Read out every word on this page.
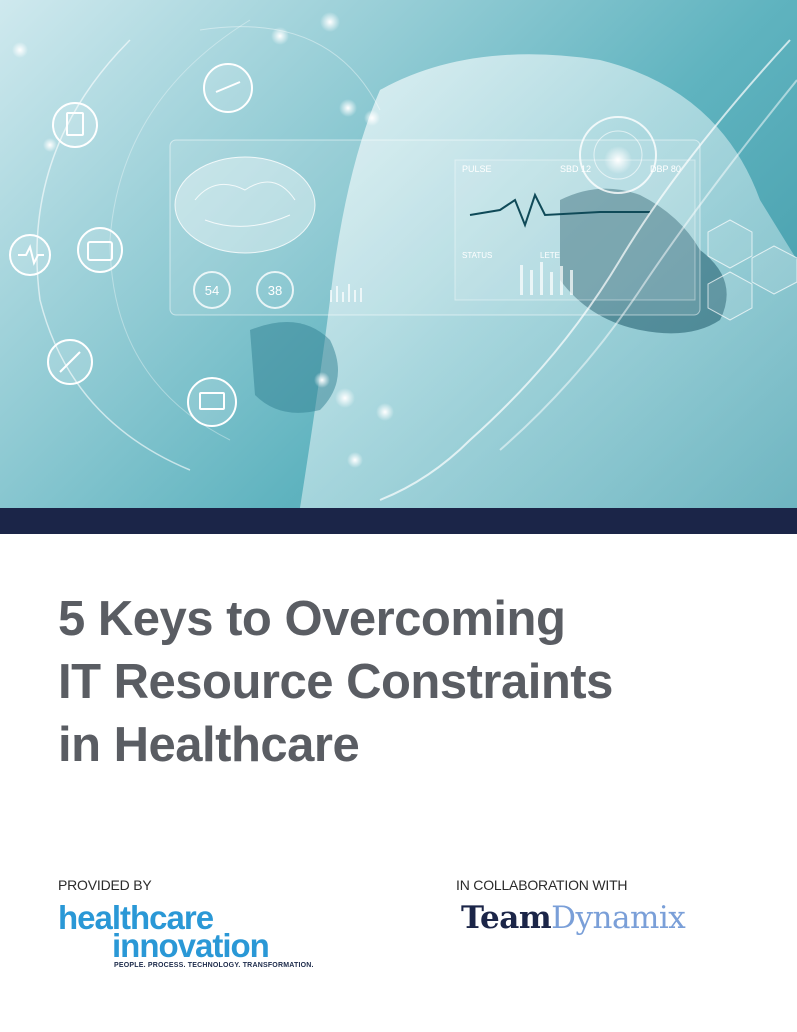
54	38
PULSE	SBD 12	DBP 80
STATUS	LETE
5 Keys to Overcoming
IT Resource Constraints
in Healthcare
PROVIDED BY	IN COLLABORATION WITH
healthcare
innovation
PEOPLE. PROCESS. TECHNOLOGY. TRANSFORMATION.
TeamDynamix
